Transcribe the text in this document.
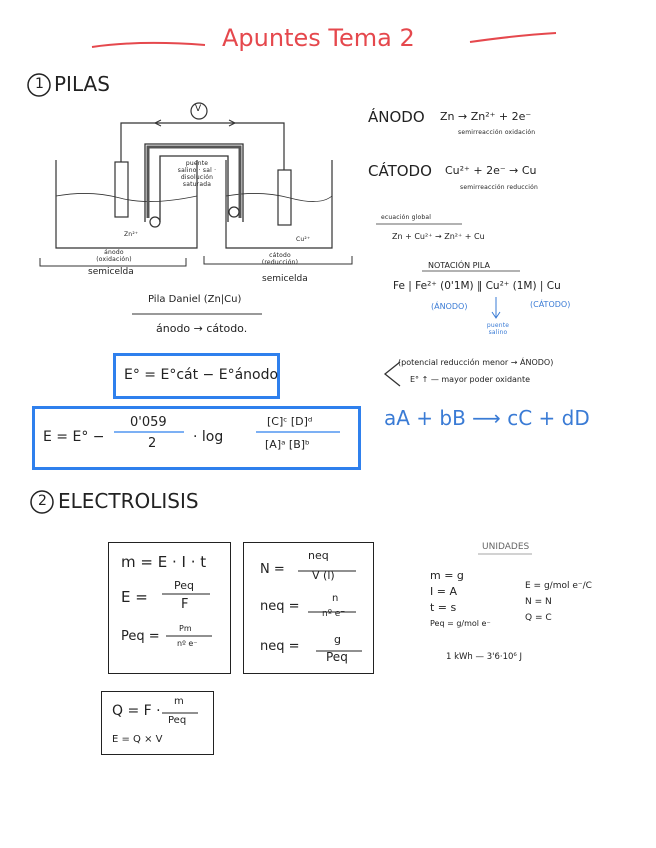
Apuntes Tema 2
1 PILAS
V
puente salino · sal · disolución saturada
Zn²⁺
Cu²⁺
ánodo (oxidación)
cátodo (reducción)
semicelda
semicelda
Pila Daniel (Zn|Cu)
ánodo → cátodo.
ÁNODO Zn → Zn²⁺ + 2e⁻
semirreacción oxidación
CÁTODO Cu²⁺ + 2e⁻ → Cu
semirreacción reducción
ecuación global
Zn + Cu²⁺ → Zn²⁺ + Cu
NOTACIÓN PILA
Fe | Fe²⁺ (0'1M) ‖ Cu²⁺ (1M) | Cu
(ÁNODO)	(CÁTODO)
puente salino
(potencial reducción menor → ÁNODO)
E° ↑ — mayor poder oxidante
E° = E°cát − E°ánodo
E = E° −
0'059
2	· log
[C]ᶜ [D]ᵈ
[A]ᵃ [B]ᵇ
aA + bB ⟶ cC + dD
2 ELECTROLISIS
m = E · I · t
E =
Peq
F
Peq =
Pm
nº e⁻
N =
neq
V (l)
neq =
n
nº e⁻
neq =	g
Peq
Q = F ·
m
Peq
E = Q × V
UNIDADES
m = g
I = A
t = s
Peq = g/mol e⁻
E = g/mol e⁻/C
N = N
Q = C
1 kWh — 3'6·10⁶ J
